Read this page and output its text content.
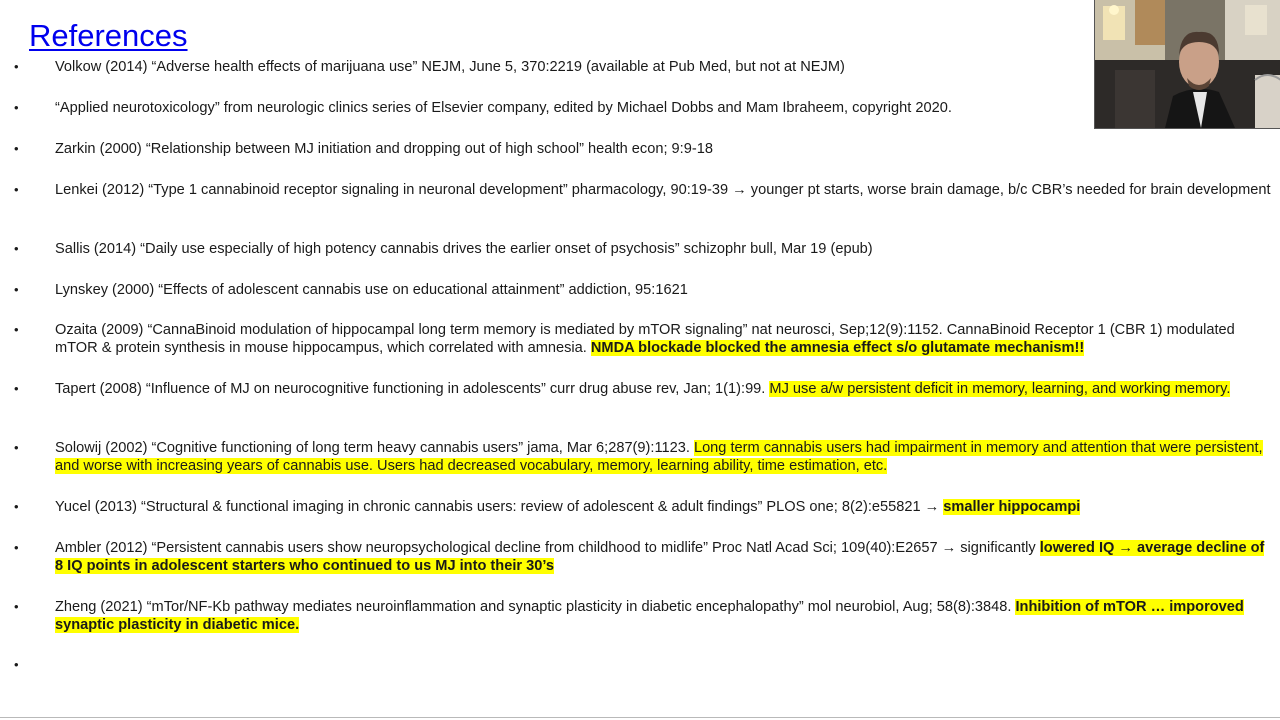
References
•	Volkow (2014) “Adverse health effects of marijuana use” NEJM, June 5, 370:2219 (available at Pub Med, but not at NEJM)
•	“Applied neurotoxicology” from neurologic clinics series of Elsevier company, edited by Michael Dobbs and Mam Ibraheem, copyright 2020.
•	Zarkin (2000) “Relationship between MJ initiation and dropping out of high school” health econ; 9:9-18
•	Lenkei (2012) “Type 1 cannabinoid receptor signaling in neuronal development” pharmacology, 90:19-39 → younger pt starts, worse brain damage, b/c CBR’s needed for brain development
•	Sallis (2014) “Daily use especially of high potency cannabis drives the earlier onset of psychosis” schizophr bull, Mar 19 (epub)
•	Lynskey (2000) “Effects of adolescent cannabis use on educational attainment” addiction, 95:1621
•	Ozaita (2009) “CannaBinoid modulation of hippocampal long term memory is mediated by mTOR signaling” nat neurosci, Sep;12(9):1152. CannaBinoid Receptor 1 (CBR 1) modulated mTOR & protein synthesis in mouse hippocampus, which correlated with amnesia. NMDA blockade blocked the amnesia effect s/o glutamate mechanism!!
•	Tapert (2008) “Influence of MJ on neurocognitive functioning in adolescents” curr drug abuse rev, Jan; 1(1):99. MJ use a/w persistent deficit in memory, learning, and working memory.
•	Solowij (2002) “Cognitive functioning of long term heavy cannabis users” jama, Mar 6;287(9):1123. Long term cannabis users had impairment in memory and attention that were persistent, and worse with increasing years of cannabis use. Users had decreased vocabulary, memory, learning ability, time estimation, etc.
•	Yucel (2013) “Structural & functional imaging in chronic cannabis users: review of adolescent & adult findings” PLOS one; 8(2):e55821 → smaller hippocampi
•	Ambler (2012) “Persistent cannabis users show neuropsychological decline from childhood to midlife” Proc Natl Acad Sci; 109(40):E2657 → significantly lowered IQ → average decline of 8 IQ points in adolescent starters who continued to us MJ into their 30’s
•	Zheng (2021) “mTor/NF-Kb pathway mediates neuroinflammation and synaptic plasticity in diabetic encephalopathy” mol neurobiol, Aug; 58(8):3848. Inhibition of mTOR … imporoved synaptic plasticity in diabetic mice.
•
